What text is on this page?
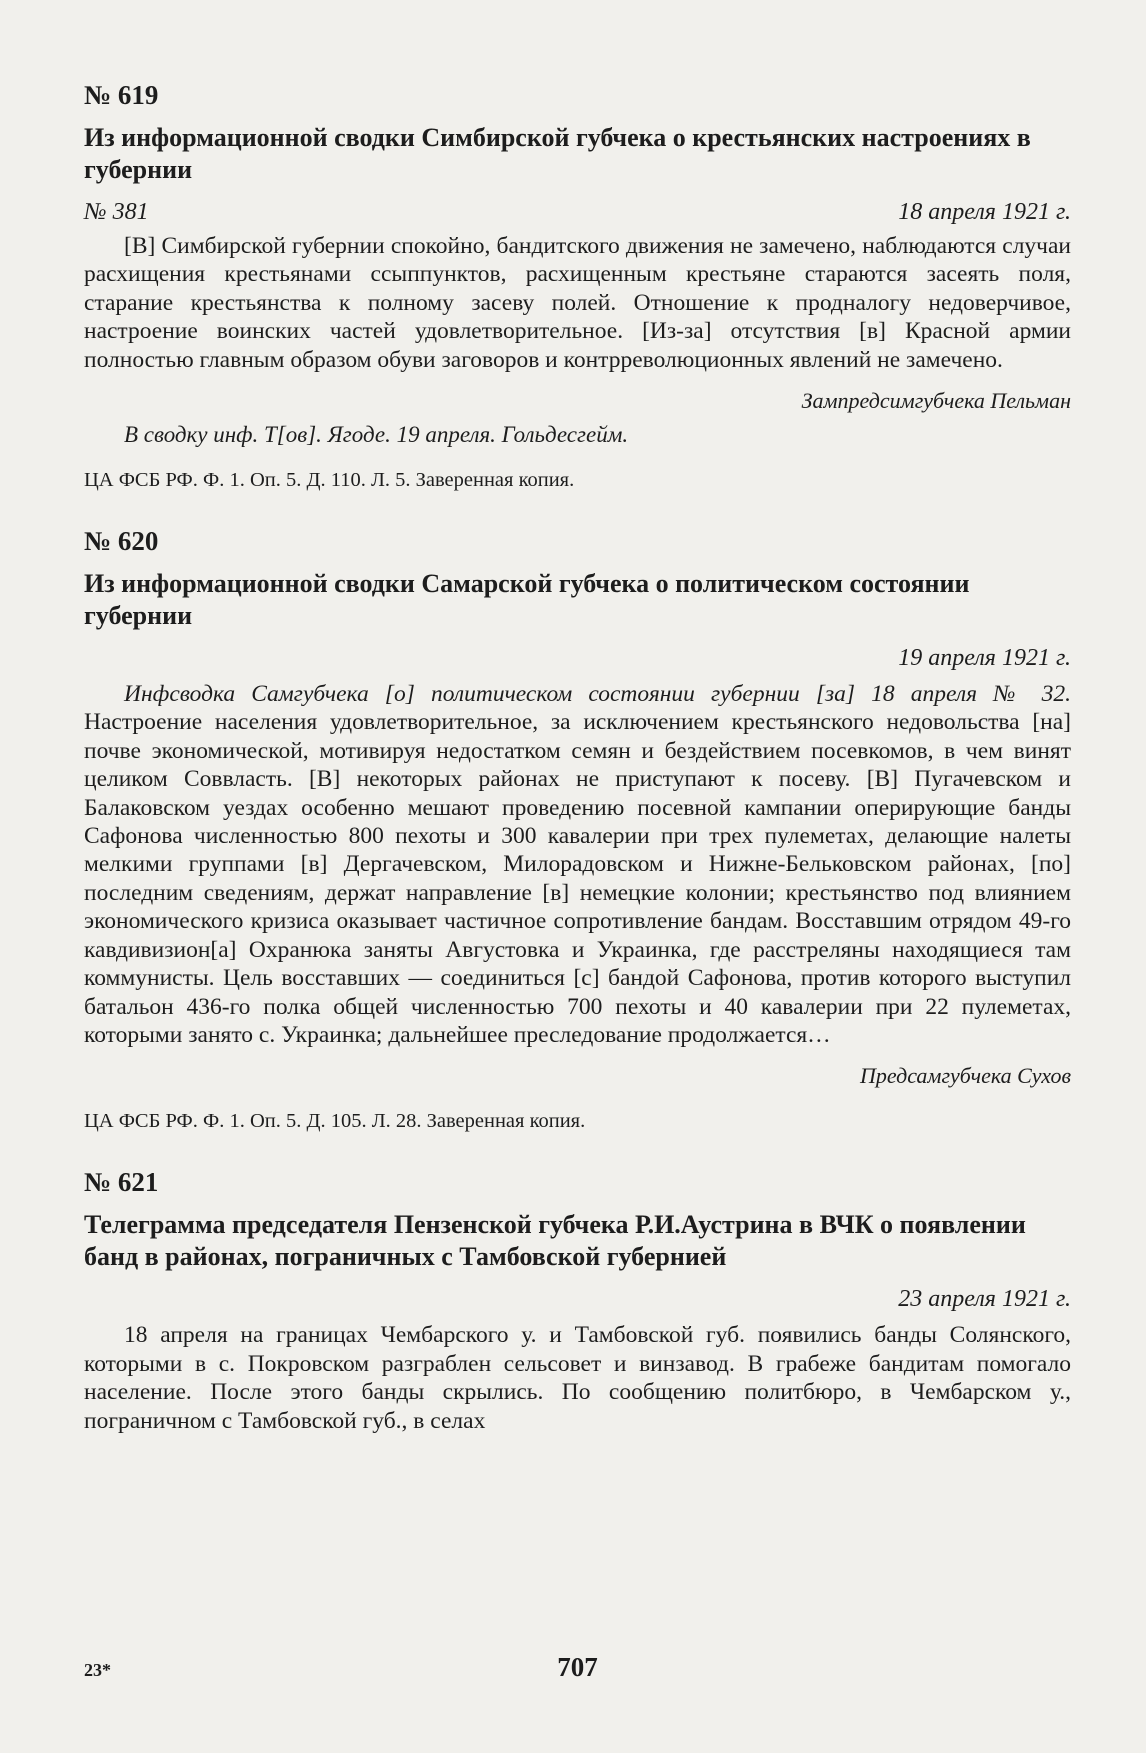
№ 619
Из информационной сводки Симбирской губчека о крестьянских настроениях в губернии
№ 381	18 апреля 1921 г.

[В] Симбирской губернии спокойно, бандитского движения не замечено, наблюдаются случаи расхищения крестьянами ссыппунктов, расхищенным крестьяне стараются засеять поля, старание крестьянства к полному засеву полей. Отношение к продналогу недоверчивое, настроение воинских частей удовлетворительное. [Из-за] отсутствия [в] Красной армии полностью главным образом обуви заговоров и контрреволюционных явлений не замечено.

Зампредсимгубчека Пельман
В сводку инф. Т[ов]. Ягоде. 19 апреля. Гольдесгейм.
ЦА ФСБ РФ. Ф. 1. Оп. 5. Д. 110. Л. 5. Заверенная копия.
№ 620
Из информационной сводки Самарской губчека о политическом состоянии губернии
19 апреля 1921 г.

Инфсводка Самгубчека [о] политическом состоянии губернии [за] 18 апреля № 32. Настроение населения удовлетворительное, за исключением крестьянского недовольства [на] почве экономической, мотивируя недостатком семян и бездействием посевкомов, в чем винят целиком Соввласть. [В] некоторых районах не приступают к посеву. [В] Пугачевском и Балаковском уездах особенно мешают проведению посевной кампании оперирующие банды Сафонова численностью 800 пехоты и 300 кавалерии при трех пулеметах, делающие налеты мелкими группами [в] Дергачевском, Милорадовском и Нижне-Бельковском районах, [по] последним сведениям, держат направление [в] немецкие колонии; крестьянство под влиянием экономического кризиса оказывает частичное сопротивление бандам. Восставшим отрядом 49-го кавдивизион[а] Охранюка заняты Августовка и Украинка, где расстреляны находящиеся там коммунисты. Цель восставших — соединиться [с] бандой Сафонова, против которого выступил батальон 436-го полка общей численностью 700 пехоты и 40 кавалерии при 22 пулеметах, которыми занято с. Украинка; дальнейшее преследование продолжается…

Предсамгубчека Сухов
ЦА ФСБ РФ. Ф. 1. Оп. 5. Д. 105. Л. 28. Заверенная копия.
№ 621
Телеграмма председателя Пензенской губчека Р.И.Аустрина в ВЧК о появлении банд в районах, пограничных с Тамбовской губернией
23 апреля 1921 г.

18 апреля на границах Чембарского у. и Тамбовской губ. появились банды Солянского, которыми в с. Покровском разграблен сельсовет и винзавод. В грабеже бандитам помогало население. После этого банды скрылись. По сообщению политбюро, в Чембарском у., пограничном с Тамбовской губ., в селах

23*	707
